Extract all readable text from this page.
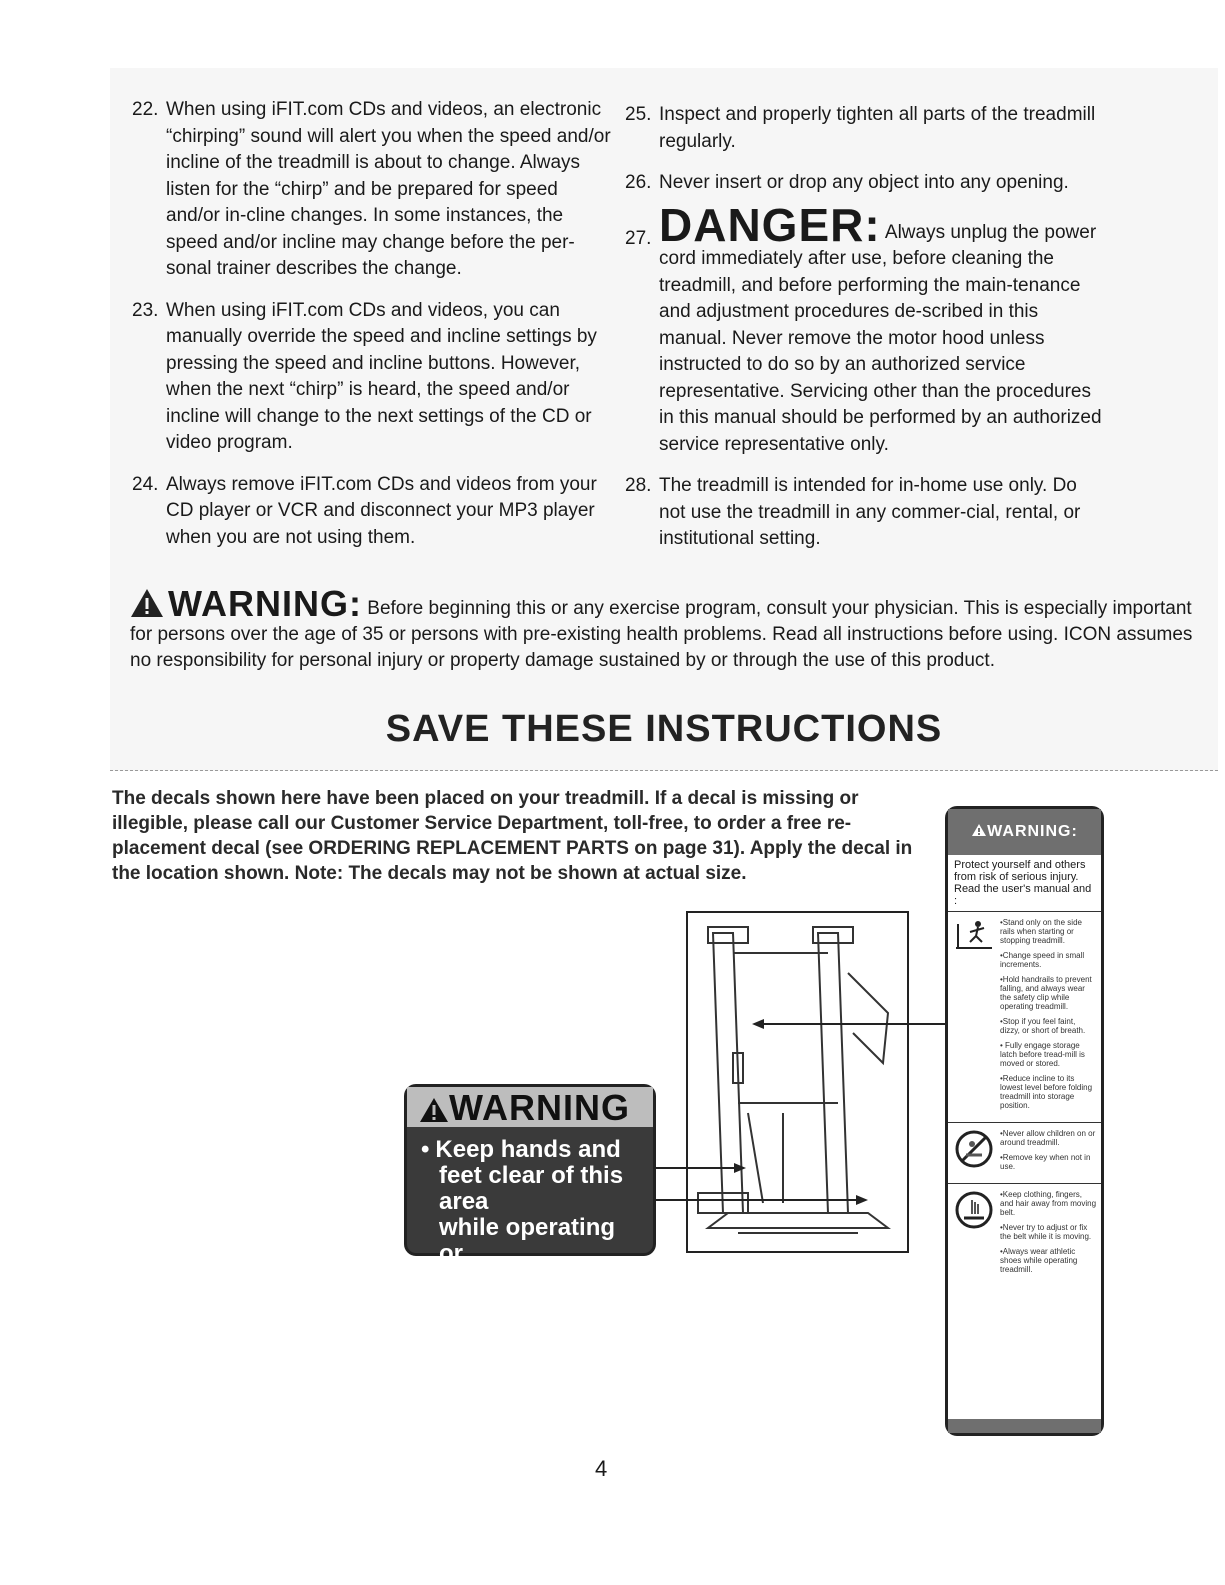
22. When using iFIT.com CDs and videos, an electronic “chirping” sound will alert you when the speed and/or incline of the treadmill is about to change. Always listen for the “chirp” and be prepared for speed and/or in-cline changes. In some instances, the speed and/or incline may change before the per-sonal trainer describes the change.
23. When using iFIT.com CDs and videos, you can manually override the speed and incline settings by pressing the speed and incline buttons. However, when the next “chirp” is heard, the speed and/or incline will change to the next settings of the CD or video program.
24. Always remove iFIT.com CDs and videos from your CD player or VCR and disconnect your MP3 player when you are not using them.
25. Inspect and properly tighten all parts of the treadmill regularly.
26. Never insert or drop any object into any opening.
27. DANGER: Always unplug the power cord immediately after use, before cleaning the treadmill, and before performing the main-tenance and adjustment procedures de-scribed in this manual. Never remove the motor hood unless instructed to do so by an authorized service representative. Servicing other than the procedures in this manual should be performed by an authorized service representative only.
28. The treadmill is intended for in-home use only. Do not use the treadmill in any commer-cial, rental, or institutional setting.
WARNING: Before beginning this or any exercise program, consult your physician. This is especially important for persons over the age of 35 or persons with pre-existing health problems. Read all instructions before using. ICON assumes no responsibility for personal injury or property damage sustained by or through the use of this product.
SAVE THESE INSTRUCTIONS
The decals shown here have been placed on your treadmill. If a decal is missing or illegible, please call our Customer Service Department, toll-free, to order a free re-placement decal (see ORDERING REPLACEMENT PARTS on page 31). Apply the decal in the location shown. Note: The decals may not be shown at actual size.
WARNING
• Keep hands and
feet clear of this area
while operating or
folding treadmill.
WARNING:
Protect yourself and others from risk of serious injury. Read the user's manual and :
•Stand only on the side rails when starting or stopping treadmill.
•Change speed in small increments.
•Hold handrails to prevent falling, and always wear the safety clip while operating treadmill.
•Stop if you feel faint, dizzy, or short of breath.
• Fully engage storage latch before tread-mill is moved or stored.
•Reduce incline to its lowest level before folding treadmill into storage position.
•Never allow children on or around treadmill.
•Remove key when not in use.
•Keep clothing, fingers, and hair away from moving belt.
•Never try to adjust or fix the belt while it is moving.
•Always wear athletic shoes while operating treadmill.
4
